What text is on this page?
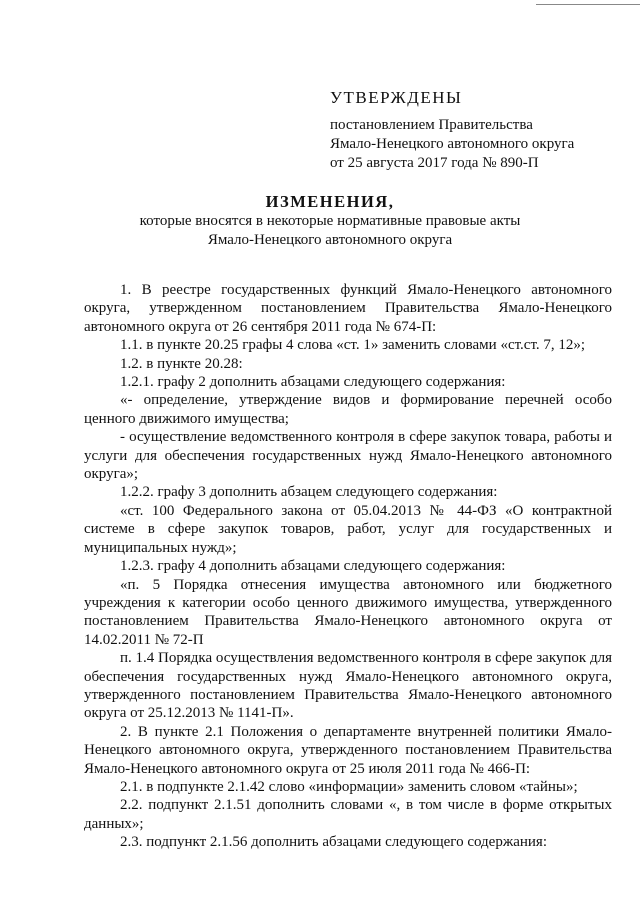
УТВЕРЖДЕНЫ
постановлением Правительства
Ямало-Ненецкого автономного округа
от 25 августа 2017 года № 890-П
ИЗМЕНЕНИЯ,
которые вносятся в некоторые нормативные правовые акты
Ямало-Ненецкого автономного округа

1. В реестре государственных функций Ямало-Ненецкого автономного округа, утвержденном постановлением Правительства Ямало-Ненецкого автономного округа от 26 сентября 2011 года № 674-П:

1.1. в пункте 20.25 графы 4 слова «ст. 1» заменить словами «ст.ст. 7, 12»;

1.2. в пункте 20.28:

1.2.1. графу 2 дополнить абзацами следующего содержания:

«- определение, утверждение видов и формирование перечней особо ценного движимого имущества;

- осуществление ведомственного контроля в сфере закупок товара, работы и услуги для обеспечения государственных нужд Ямало-Ненецкого автономного округа»;

1.2.2. графу 3 дополнить абзацем следующего содержания:

«ст. 100 Федерального закона от 05.04.2013 № 44-ФЗ «О контрактной системе в сфере закупок товаров, работ, услуг для государственных и муниципальных нужд»;

1.2.3. графу 4 дополнить абзацами следующего содержания:

«п. 5 Порядка отнесения имущества автономного или бюджетного учреждения к категории особо ценного движимого имущества, утвержденного постановлением Правительства Ямало-Ненецкого автономного округа от 14.02.2011 № 72-П

п. 1.4 Порядка осуществления ведомственного контроля в сфере закупок для обеспечения государственных нужд Ямало-Ненецкого автономного округа, утвержденного постановлением Правительства Ямало-Ненецкого автономного округа от 25.12.2013 № 1141-П».

2. В пункте 2.1 Положения о департаменте внутренней политики Ямало-Ненецкого автономного округа, утвержденного постановлением Правительства Ямало-Ненецкого автономного округа от 25 июля 2011 года № 466-П:

2.1. в подпункте 2.1.42 слово «информации» заменить словом «тайны»;

2.2. подпункт 2.1.51 дополнить словами «, в том числе в форме открытых данных»;

2.3. подпункт 2.1.56 дополнить абзацами следующего содержания:
